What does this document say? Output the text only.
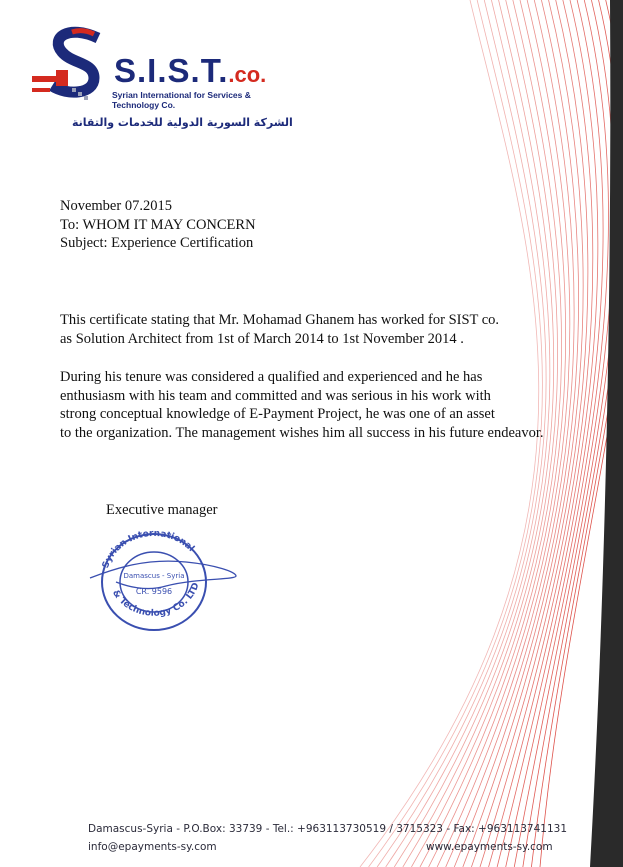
S.I.S.T..co.
Syrian International for Services & Technology Co.
الشركة السورية الدولية للخدمات والتقانة
November 07.2015
To: WHOM IT MAY CONCERN
Subject: Experience Certification
This certificate stating that Mr. Mohamad Ghanem has worked for SIST co.
as Solution Architect from 1st of March 2014 to 1st November 2014 .
During his tenure was considered a qualified and experienced and he has
enthusiasm with his team and committed and was serious in his work with
strong conceptual knowledge of E-Payment Project, he was one of an asset
to the organization. The management wishes him all success in his future endeavor.
Executive manager
Syrian International
& Technology Co. LTD
Damascus - Syria
CR. 9596
Damascus-Syria - P.O.Box: 33739 - Tel.: +963113730519 / 3715323 - Fax: +963113741131
info@epayments-sy.com	www.epayments-sy.com
